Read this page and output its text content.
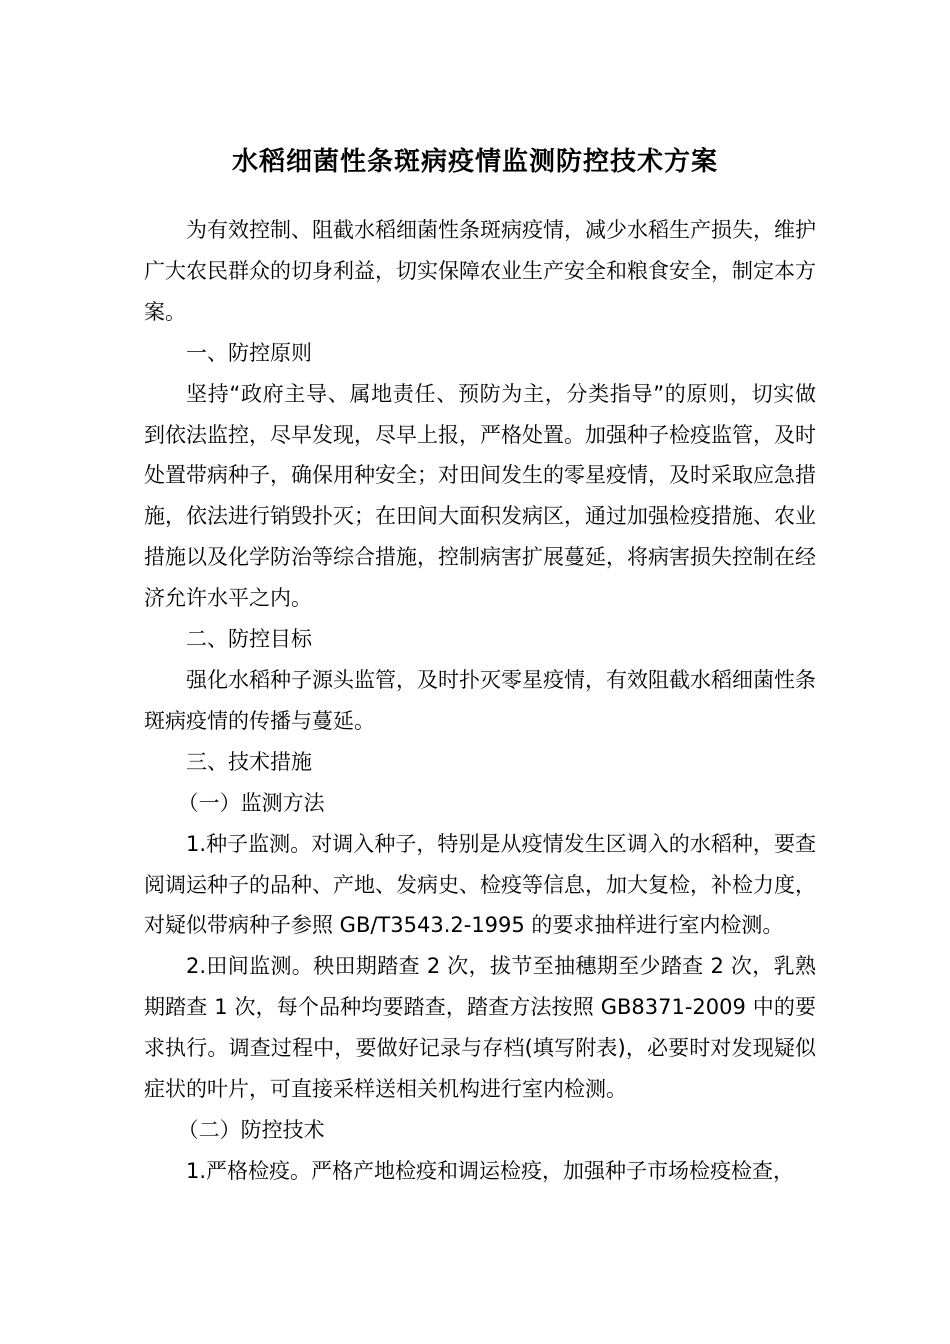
水稻细菌性条斑病疫情监测防控技术方案

为有效控制、阻截水稻细菌性条斑病疫情，减少水稻生产损失，维护广大农民群众的切身利益，切实保障农业生产安全和粮食安全，制定本方案。

一、防控原则

坚持“政府主导、属地责任、预防为主，分类指导”的原则，切实做到依法监控，尽早发现，尽早上报，严格处置。加强种子检疫监管，及时处置带病种子，确保用种安全；对田间发生的零星疫情，及时采取应急措施，依法进行销毁扑灭；在田间大面积发病区，通过加强检疫措施、农业措施以及化学防治等综合措施，控制病害扩展蔓延，将病害损失控制在经济允许水平之内。

二、防控目标

强化水稻种子源头监管，及时扑灭零星疫情，有效阻截水稻细菌性条斑病疫情的传播与蔓延。

三、技术措施

（一）监测方法

1.种子监测。对调入种子，特别是从疫情发生区调入的水稻种，要查阅调运种子的品种、产地、发病史、检疫等信息，加大复检，补检力度，对疑似带病种子参照 GB/T3543.2-1995 的要求抽样进行室内检测。

2.田间监测。秧田期踏查 2 次，拔节至抽穗期至少踏查 2 次，乳熟期踏查 1 次，每个品种均要踏查，踏查方法按照 GB8371-2009 中的要求执行。调查过程中，要做好记录与存档(填写附表)，必要时对发现疑似症状的叶片，可直接采样送相关机构进行室内检测。

（二）防控技术

1.严格检疫。严格产地检疫和调运检疫，加强种子市场检疫检查，
